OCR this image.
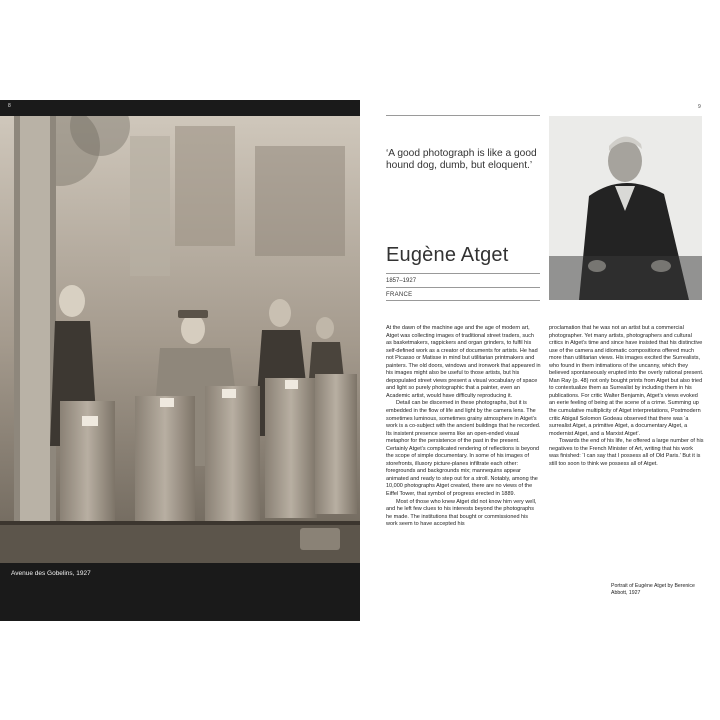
8
Avenue des Gobelins, 1927
9
‘A good photograph is like a good hound dog, dumb, but eloquent.’
Eugène Atget
1857–1927
FRANCE

At the dawn of the machine age and the age of modern art, Atget was collecting images of traditional street traders, such as basketmakers, ragpickers and organ grinders, to fulfil his self-defined work as a creator of documents for artists. He had not Picasso or Matisse in mind but utilitarian printmakers and painters. The old doors, windows and ironwork that appeared in his images might also be useful to those artists, but his depopulated street views present a visual vocabulary of space and light so purely photographic that a painter, even an Academic artist, would have difficulty reproducing it.

Detail can be discerned in these photographs, but it is embedded in the flow of life and light by the camera lens. The sometimes luminous, sometimes grainy atmosphere in Atget’s work is a co-subject with the ancient buildings that he recorded. Its insistent presence seems like an open-ended visual metaphor for the persistence of the past in the present. Certainly Atget’s complicated rendering of reflections is beyond the scope of simple documentary. In some of his images of storefronts, illusory picture-planes infiltrate each other: foregrounds and backgrounds mix; mannequins appear animated and ready to step out for a stroll. Notably, among the 10,000 photographs Atget created, there are no views of the Eiffel Tower, that symbol of progress erected in 1889.

Most of those who knew Atget did not know him very well, and he left few clues to his interests beyond the photographs he made. The institutions that bought or commissioned his work seem to have accepted his

proclamation that he was not an artist but a commercial photographer. Yet many artists, photographers and cultural critics in Atget’s time and since have insisted that his distinctive use of the camera and idiomatic compositions offered much more than utilitarian views. His images excited the Surrealists, who found in them intimations of the uncanny, which they believed spontaneously erupted into the overly rational present. Man Ray (p. 48) not only bought prints from Atget but also tried to contextualize them as Surrealist by including them in his publications. For critic Walter Benjamin, Atget’s views evoked an eerie feeling of being at the scene of a crime. Summing up the cumulative multiplicity of Atget interpretations, Postmodern critic Abigail Solomon Godeau observed that there was ‘a surrealist Atget, a primitive Atget, a documentary Atget, a modernist Atget, and a Marxist Atget’.

Towards the end of his life, he offered a large number of his negatives to the French Minister of Art, writing that his work was finished: ‘I can say that I possess all of Old Paris.’ But it is still too soon to think we possess all of Atget.

Portrait of Eugène Atget by Berenice Abbott, 1927
